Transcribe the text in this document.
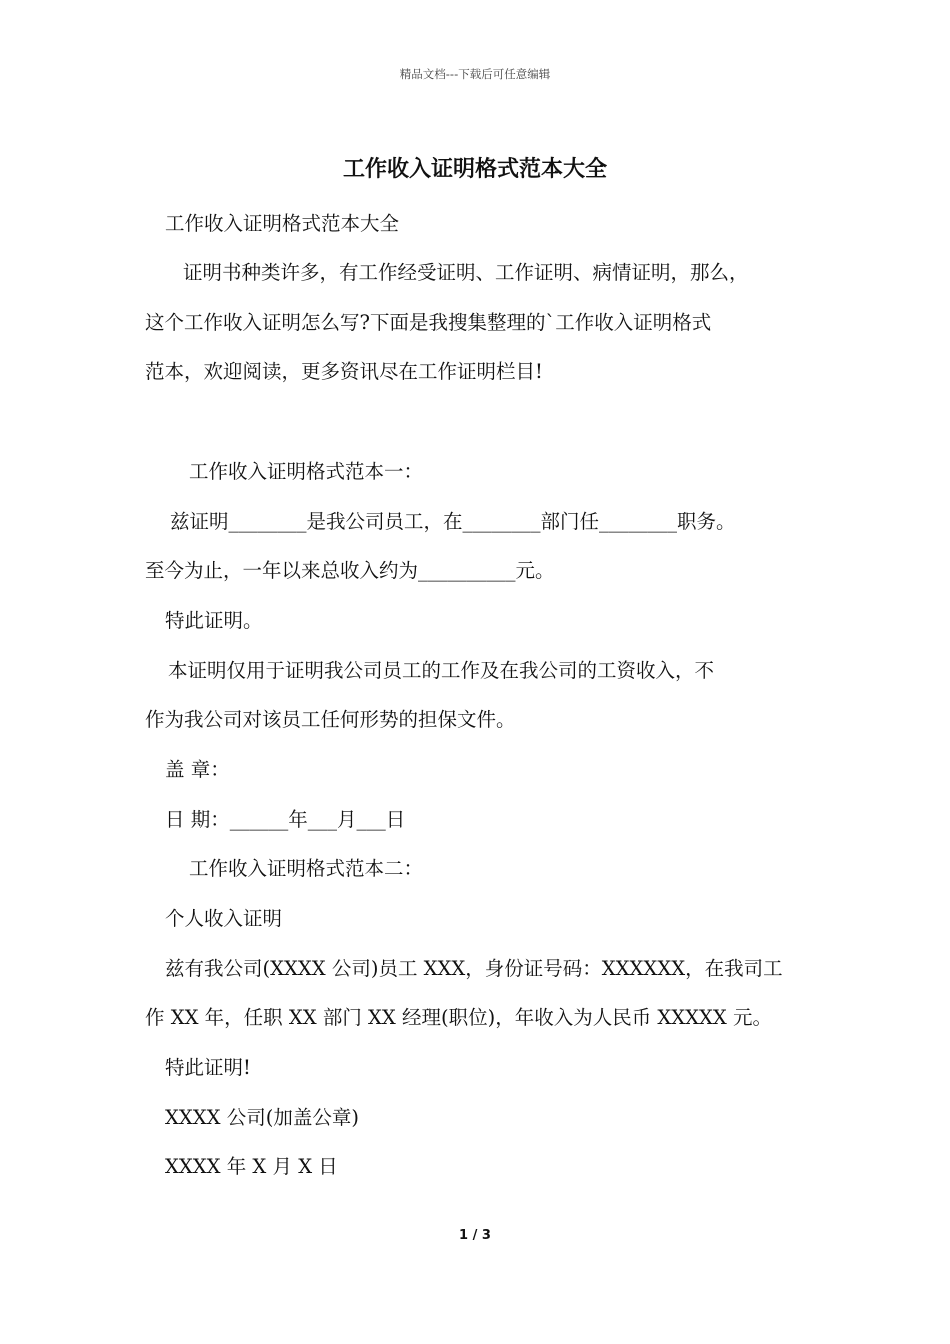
精品文档---下载后可任意编辑
工作收入证明格式范本大全
工作收入证明格式范本大全
证明书种类许多，有工作经受证明、工作证明、病情证明，那么，
这个工作收入证明怎么写?下面是我搜集整理的`工作收入证明格式
范本，欢迎阅读，更多资讯尽在工作证明栏目!
工作收入证明格式范本一：
兹证明________是我公司员工，在________部门任________职务。
至今为止，一年以来总收入约为__________元。
特此证明。
本证明仅用于证明我公司员工的工作及在我公司的工资收入，不
作为我公司对该员工任何形势的担保文件。
盖 章：
日 期：______年___月___日
工作收入证明格式范本二：
个人收入证明
兹有我公司(XXXX 公司)员工 XXX，身份证号码：XXXXXX，在我司工
作 XX 年，任职 XX 部门 XX 经理(职位)，年收入为人民币 XXXXX 元。
特此证明!
XXXX 公司(加盖公章)
XXXX 年 X 月 X 日
1 / 3
